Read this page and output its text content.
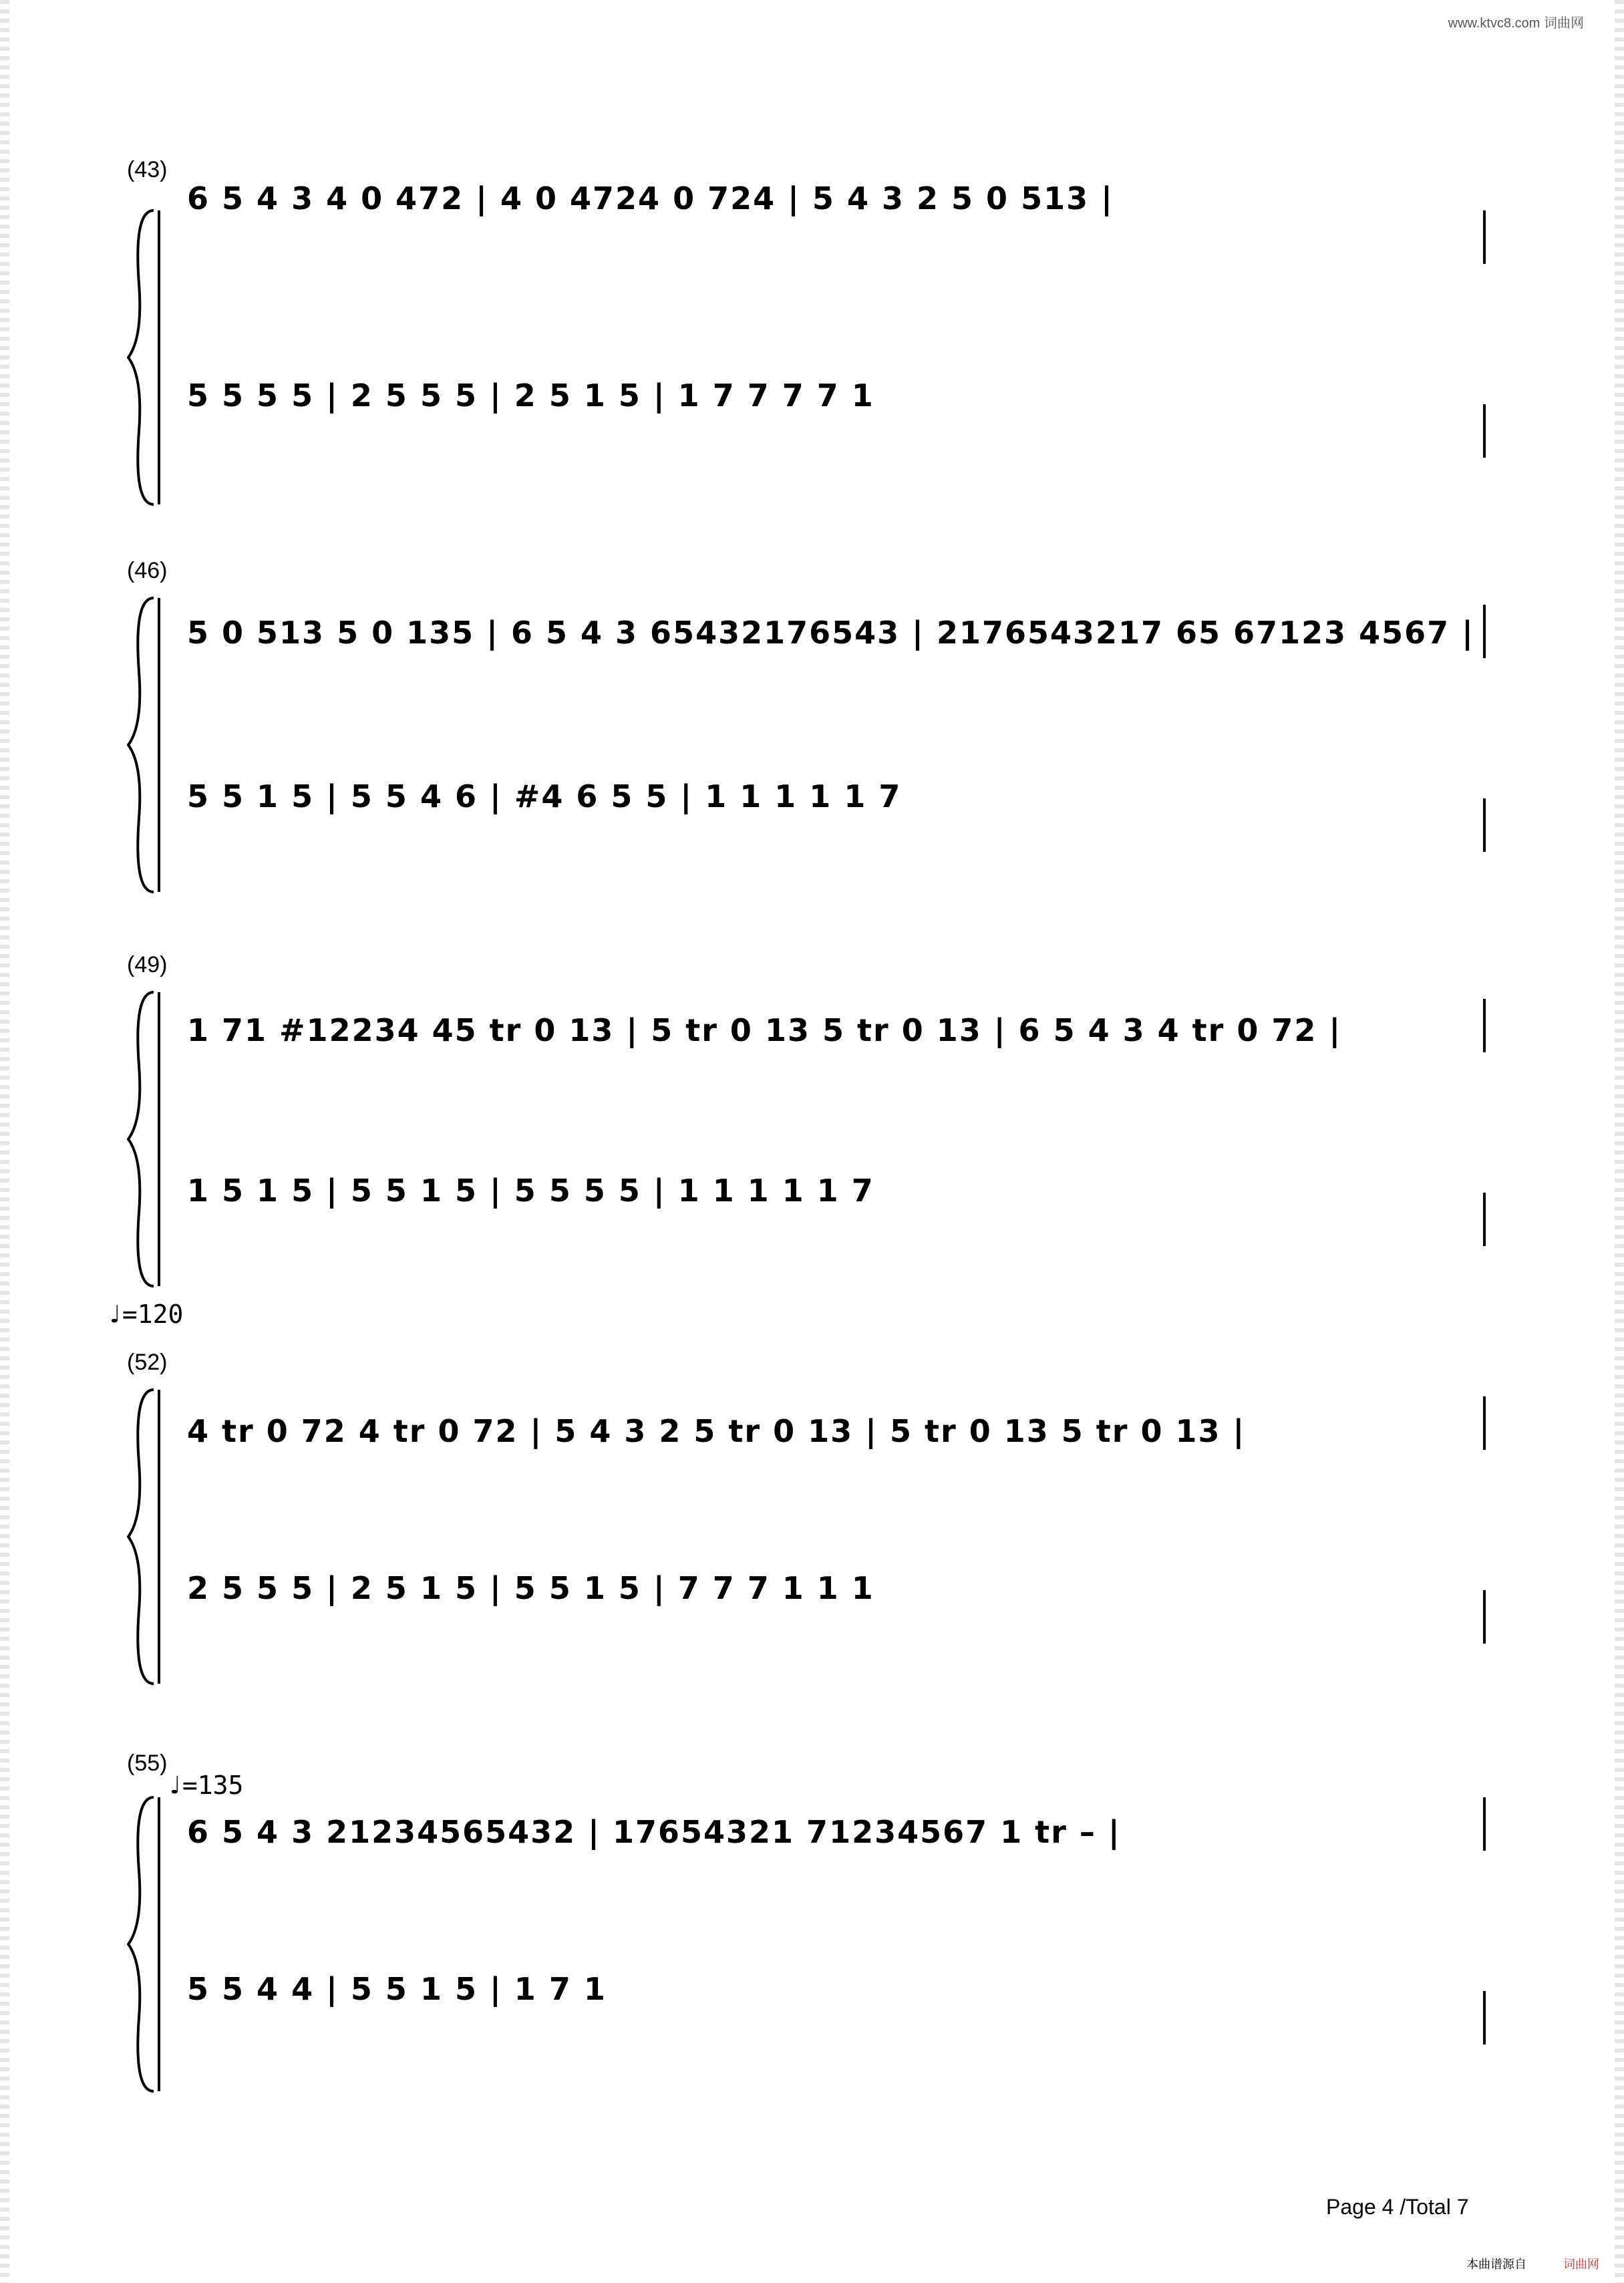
www.ktvc8.com 词曲网
(43)
6 5 4 3 4 0 472 | 4 0 4724 0 724 | 5 4 3 2 5 0 513 |
5 5 5 5 | 2 5 5 5 | 2 5 1 5 | 1 7 7 7 7 1
(46)
5 0 513 5 0 135 | 6 5 4 3 65432176543 | 2176543217 65 67123 4567 |
5 5 1 5 | 5 5 4 6 | #4 6 5 5 | 1 1 1 1 1 7
(49)
1 71 #12234 45 tr 0 13 | 5 tr 0 13 5 tr 0 13 | 6 5 4 3 4 tr 0 72 |
1 5 1 5 | 5 5 1 5 | 5 5 5 5 | 1 1 1 1 1 7
♩=120
(52)
4 tr 0 72 4 tr 0 72 | 5 4 3 2 5 tr 0 13 | 5 tr 0 13 5 tr 0 13 |
2 5 5 5 | 2 5 1 5 | 5 5 1 5 | 7 7 7 1 1 1
(55)
♩=135
6 5 4 3 21234565432 | 17654321 71234567 1 tr – |
5 5 4 4 | 5 5 1 5 | 1 7 1
Page 4 /Total 7
本曲谱源自	词曲网
